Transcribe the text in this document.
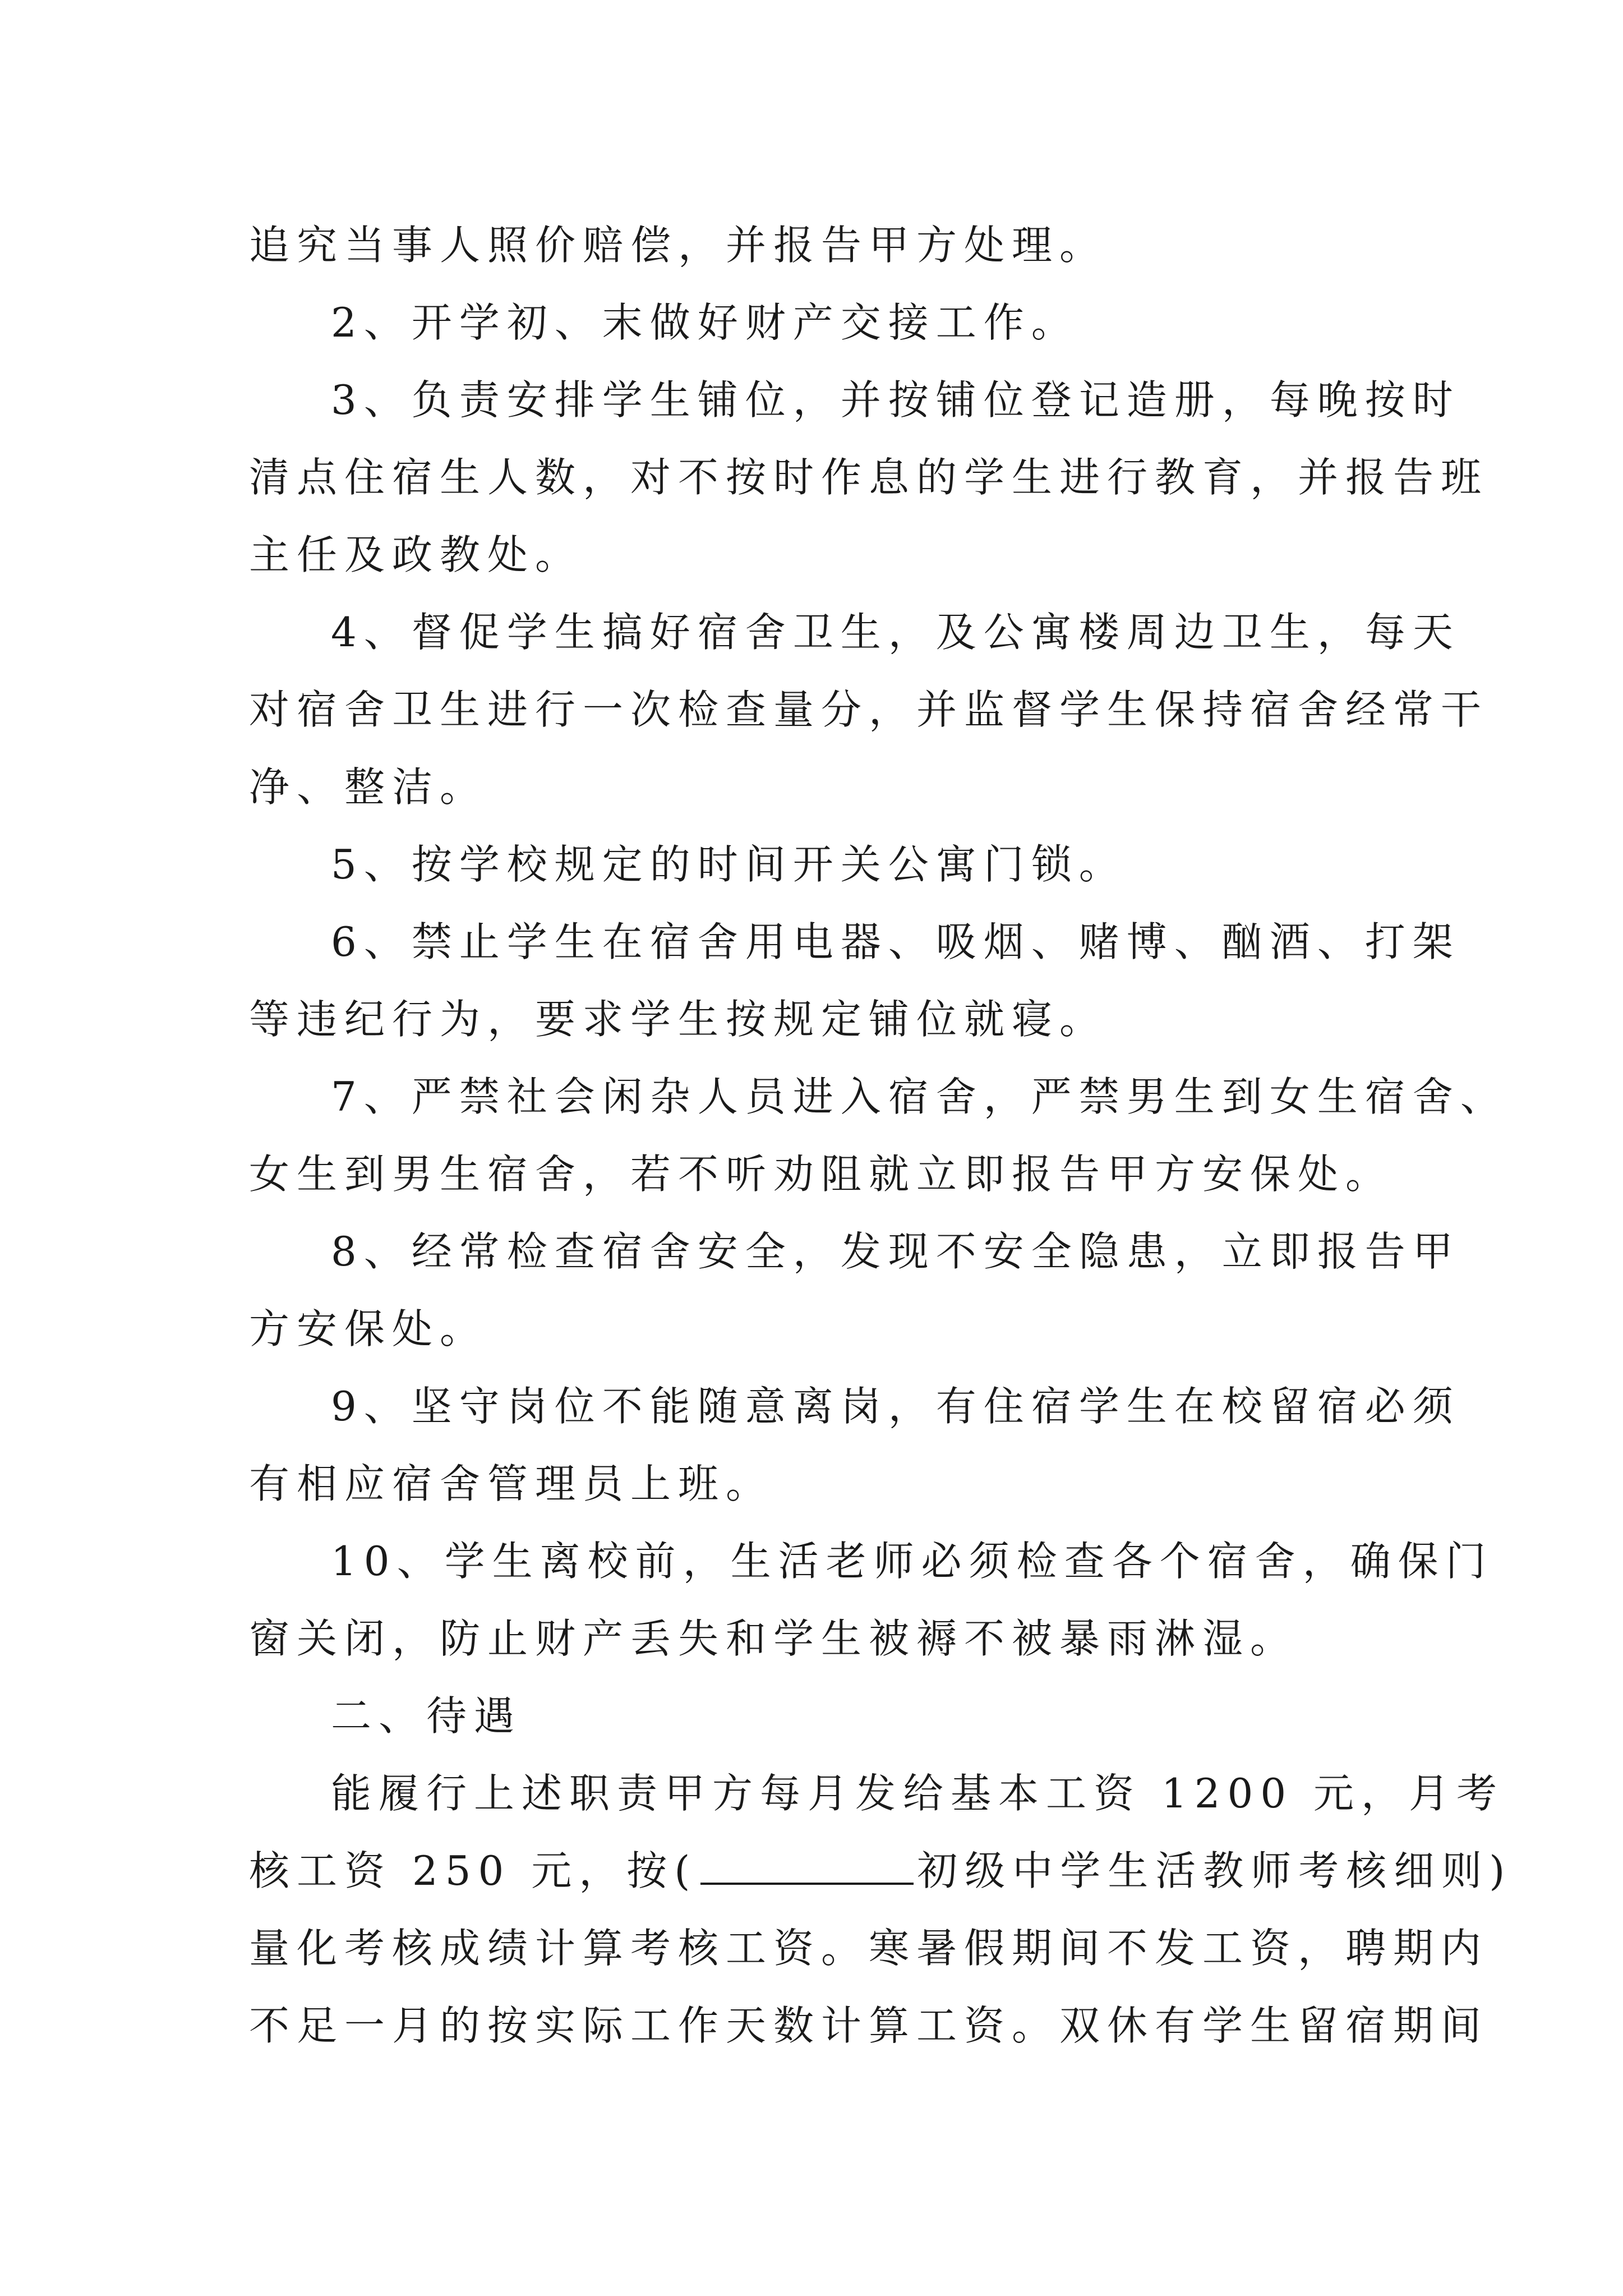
追究当事人照价赔偿，并报告甲方处理。
2、开学初、末做好财产交接工作。
3、负责安排学生铺位，并按铺位登记造册，每晚按时
清点住宿生人数，对不按时作息的学生进行教育，并报告班
主任及政教处。
4、督促学生搞好宿舍卫生，及公寓楼周边卫生，每天
对宿舍卫生进行一次检查量分，并监督学生保持宿舍经常干
净、整洁。
5、按学校规定的时间开关公寓门锁。
6、禁止学生在宿舍用电器、吸烟、赌博、酗酒、打架
等违纪行为，要求学生按规定铺位就寝。
7、严禁社会闲杂人员进入宿舍，严禁男生到女生宿舍、
女生到男生宿舍，若不听劝阻就立即报告甲方安保处。
8、经常检查宿舍安全，发现不安全隐患，立即报告甲
方安保处。
9、坚守岗位不能随意离岗，有住宿学生在校留宿必须
有相应宿舍管理员上班。
10、学生离校前，生活老师必须检查各个宿舍，确保门
窗关闭，防止财产丢失和学生被褥不被暴雨淋湿。
二、待遇
能履行上述职责甲方每月发给基本工资 1200 元，月考
核工资 250 元，按(	初级中学生活教师考核细则)
量化考核成绩计算考核工资。寒暑假期间不发工资，聘期内
不足一月的按实际工作天数计算工资。双休有学生留宿期间
